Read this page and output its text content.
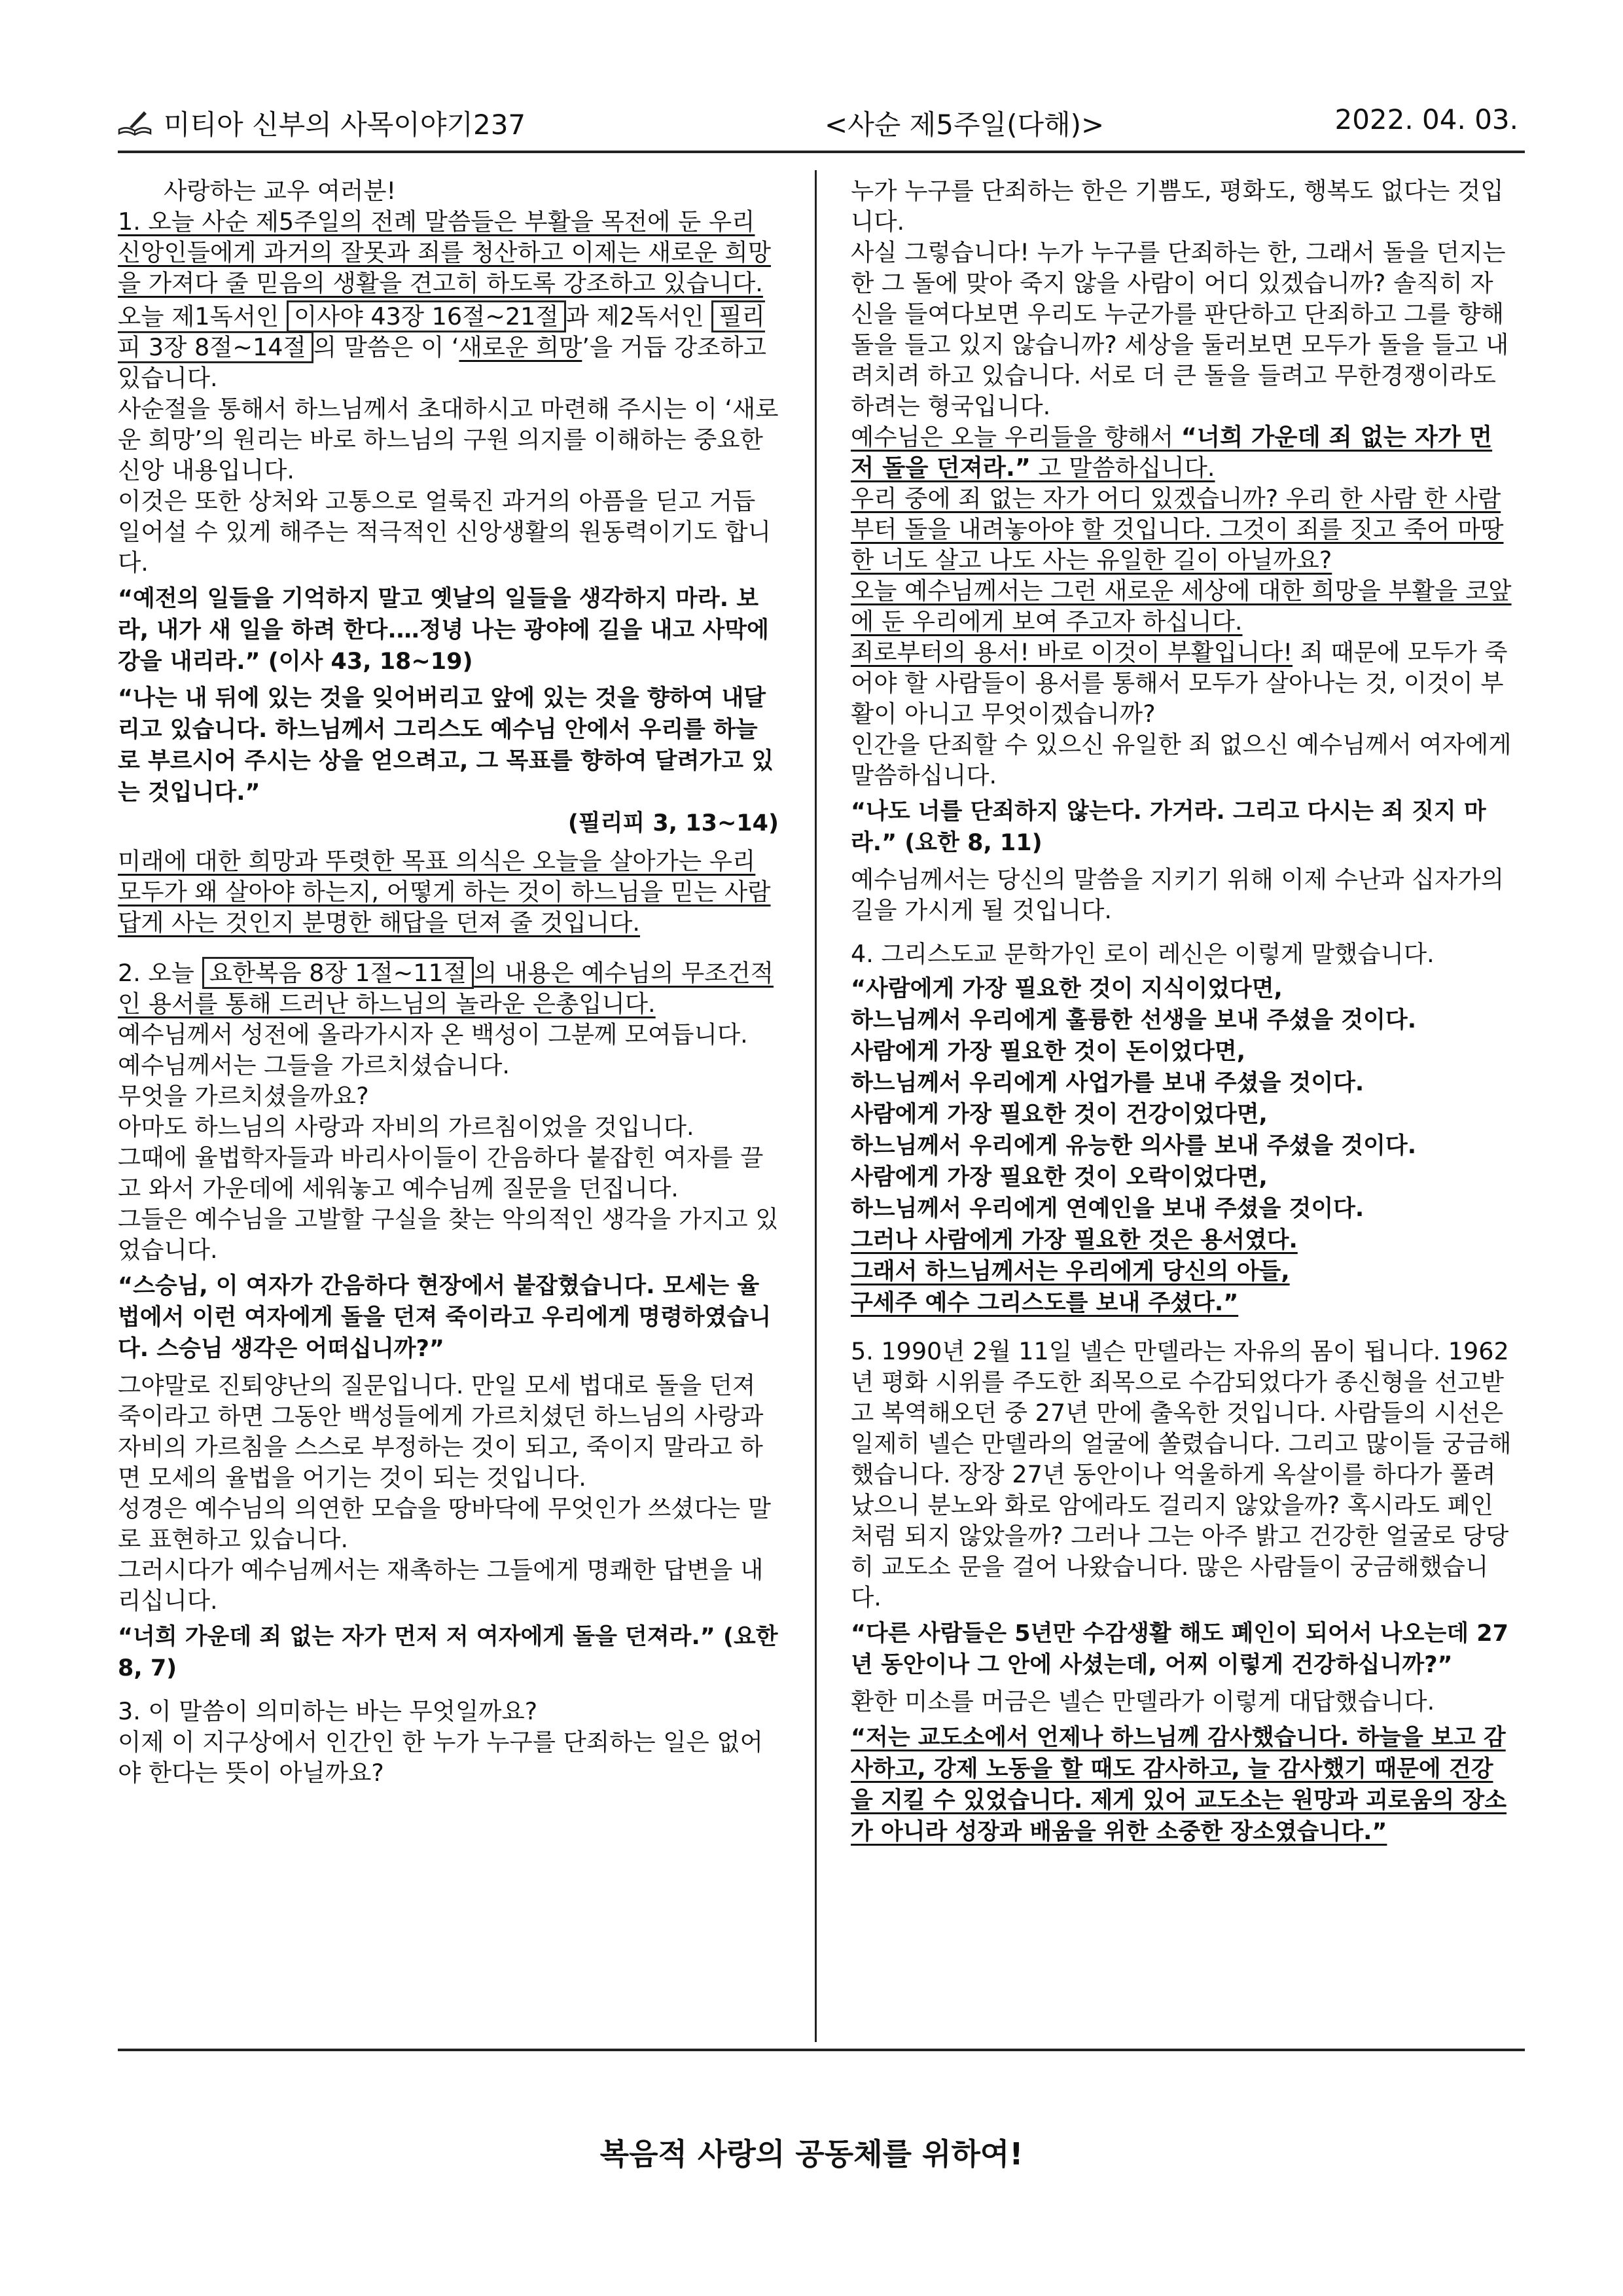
미티아 신부의 사목이야기237	<사순 제5주일(다해)>	2022. 04. 03.

사랑하는 교우 여러분!

1. 오늘 사순 제5주일의 전례 말씀들은 부활을 목전에 둔 우리 신앙인들에게 과거의 잘못과 죄를 청산하고 이제는 새로운 희망을 가져다 줄 믿음의 생활을 견고히 하도록 강조하고 있습니다.

오늘 제1독서인 이사야 43장 16절~21절 과 제2독서인 필리피 3장 8절~14절 의 말씀은 이 ‘새로운 희망’을 거듭 강조하고 있습니다.

사순절을 통해서 하느님께서 초대하시고 마련해 주시는 이 ‘새로운 희망’의 원리는 바로 하느님의 구원 의지를 이해하는 중요한 신앙 내용입니다.

이것은 또한 상처와 고통으로 얼룩진 과거의 아픔을 딛고 거듭 일어설 수 있게 해주는 적극적인 신앙생활의 원동력이기도 합니다.

“예전의 일들을 기억하지 말고 옛날의 일들을 생각하지 마라. 보라, 내가 새 일을 하려 한다.…정녕 나는 광야에 길을 내고 사막에 강을 내리라.” (이사 43, 18~19)

“나는 내 뒤에 있는 것을 잊어버리고 앞에 있는 것을 향하여 내달리고 있습니다. 하느님께서 그리스도 예수님 안에서 우리를 하늘로 부르시어 주시는 상을 얻으려고, 그 목표를 향하여 달려가고 있는 것입니다.”

(필리피 3, 13~14)

미래에 대한 희망과 뚜렷한 목표 의식은 오늘을 살아가는 우리 모두가 왜 살아야 하는지, 어떻게 하는 것이 하느님을 믿는 사람답게 사는 것인지 분명한 해답을 던져 줄 것입니다.

2. 오늘 요한복음 8장 1절~11절 의 내용은 예수님의 무조건적인 용서를 통해 드러난 하느님의 놀라운 은총입니다.

예수님께서 성전에 올라가시자 온 백성이 그분께 모여듭니다.

예수님께서는 그들을 가르치셨습니다.

무엇을 가르치셨을까요?

아마도 하느님의 사랑과 자비의 가르침이었을 것입니다.

그때에 율법학자들과 바리사이들이 간음하다 붙잡힌 여자를 끌고 와서 가운데에 세워놓고 예수님께 질문을 던집니다.

그들은 예수님을 고발할 구실을 찾는 악의적인 생각을 가지고 있었습니다.

“스승님, 이 여자가 간음하다 현장에서 붙잡혔습니다. 모세는 율법에서 이런 여자에게 돌을 던져 죽이라고 우리에게 명령하였습니다. 스승님 생각은 어떠십니까?”

그야말로 진퇴양난의 질문입니다. 만일 모세 법대로 돌을 던져 죽이라고 하면 그동안 백성들에게 가르치셨던 하느님의 사랑과 자비의 가르침을 스스로 부정하는 것이 되고, 죽이지 말라고 하면 모세의 율법을 어기는 것이 되는 것입니다.

성경은 예수님의 의연한 모습을 땅바닥에 무엇인가 쓰셨다는 말로 표현하고 있습니다.

그러시다가 예수님께서는 재촉하는 그들에게 명쾌한 답변을 내리십니다.

“너희 가운데 죄 없는 자가 먼저 저 여자에게 돌을 던져라.” (요한 8, 7)

3. 이 말씀이 의미하는 바는 무엇일까요?

이제 이 지구상에서 인간인 한 누가 누구를 단죄하는 일은 없어야 한다는 뜻이 아닐까요?

누가 누구를 단죄하는 한은 기쁨도, 평화도, 행복도 없다는 것입니다.

사실 그렇습니다! 누가 누구를 단죄하는 한, 그래서 돌을 던지는 한 그 돌에 맞아 죽지 않을 사람이 어디 있겠습니까? 솔직히 자신을 들여다보면 우리도 누군가를 판단하고 단죄하고 그를 향해 돌을 들고 있지 않습니까? 세상을 둘러보면 모두가 돌을 들고 내려치려 하고 있습니다. 서로 더 큰 돌을 들려고 무한경쟁이라도 하려는 형국입니다.

예수님은 오늘 우리들을 향해서 “너희 가운데 죄 없는 자가 먼저 돌을 던져라.” 고 말씀하십니다.

우리 중에 죄 없는 자가 어디 있겠습니까? 우리 한 사람 한 사람부터 돌을 내려놓아야 할 것입니다. 그것이 죄를 짓고 죽어 마땅한 너도 살고 나도 사는 유일한 길이 아닐까요?

오늘 예수님께서는 그런 새로운 세상에 대한 희망을 부활을 코앞에 둔 우리에게 보여 주고자 하십니다.

죄로부터의 용서! 바로 이것이 부활입니다! 죄 때문에 모두가 죽어야 할 사람들이 용서를 통해서 모두가 살아나는 것, 이것이 부활이 아니고 무엇이겠습니까?

인간을 단죄할 수 있으신 유일한 죄 없으신 예수님께서 여자에게 말씀하십니다.

“나도 너를 단죄하지 않는다. 가거라. 그리고 다시는 죄 짓지 마라.” (요한 8, 11)

예수님께서는 당신의 말씀을 지키기 위해 이제 수난과 십자가의 길을 가시게 될 것입니다.

4. 그리스도교 문학가인 로이 레신은 이렇게 말했습니다.

“사람에게 가장 필요한 것이 지식이었다면,

하느님께서 우리에게 훌륭한 선생을 보내 주셨을 것이다.

사람에게 가장 필요한 것이 돈이었다면,

하느님께서 우리에게 사업가를 보내 주셨을 것이다.

사람에게 가장 필요한 것이 건강이었다면,

하느님께서 우리에게 유능한 의사를 보내 주셨을 것이다.

사람에게 가장 필요한 것이 오락이었다면,

하느님께서 우리에게 연예인을 보내 주셨을 것이다.

그러나 사람에게 가장 필요한 것은 용서였다.

그래서 하느님께서는 우리에게 당신의 아들,

구세주 예수 그리스도를 보내 주셨다.”

5. 1990년 2월 11일 넬슨 만델라는 자유의 몸이 됩니다. 1962년 평화 시위를 주도한 죄목으로 수감되었다가 종신형을 선고받고 복역해오던 중 27년 만에 출옥한 것입니다. 사람들의 시선은 일제히 넬슨 만델라의 얼굴에 쏠렸습니다. 그리고 많이들 궁금해했습니다. 장장 27년 동안이나 억울하게 옥살이를 하다가 풀려났으니 분노와 화로 암에라도 걸리지 않았을까? 혹시라도 폐인처럼 되지 않았을까? 그러나 그는 아주 밝고 건강한 얼굴로 당당히 교도소 문을 걸어 나왔습니다. 많은 사람들이 궁금해했습니다.

“다른 사람들은 5년만 수감생활 해도 폐인이 되어서 나오는데 27년 동안이나 그 안에 사셨는데, 어찌 이렇게 건강하십니까?”

환한 미소를 머금은 넬슨 만델라가 이렇게 대답했습니다.

“저는 교도소에서 언제나 하느님께 감사했습니다. 하늘을 보고 감사하고, 강제 노동을 할 때도 감사하고, 늘 감사했기 때문에 건강을 지킬 수 있었습니다. 제게 있어 교도소는 원망과 괴로움의 장소가 아니라 성장과 배움을 위한 소중한 장소였습니다.”

복음적 사랑의 공동체를 위하여!
